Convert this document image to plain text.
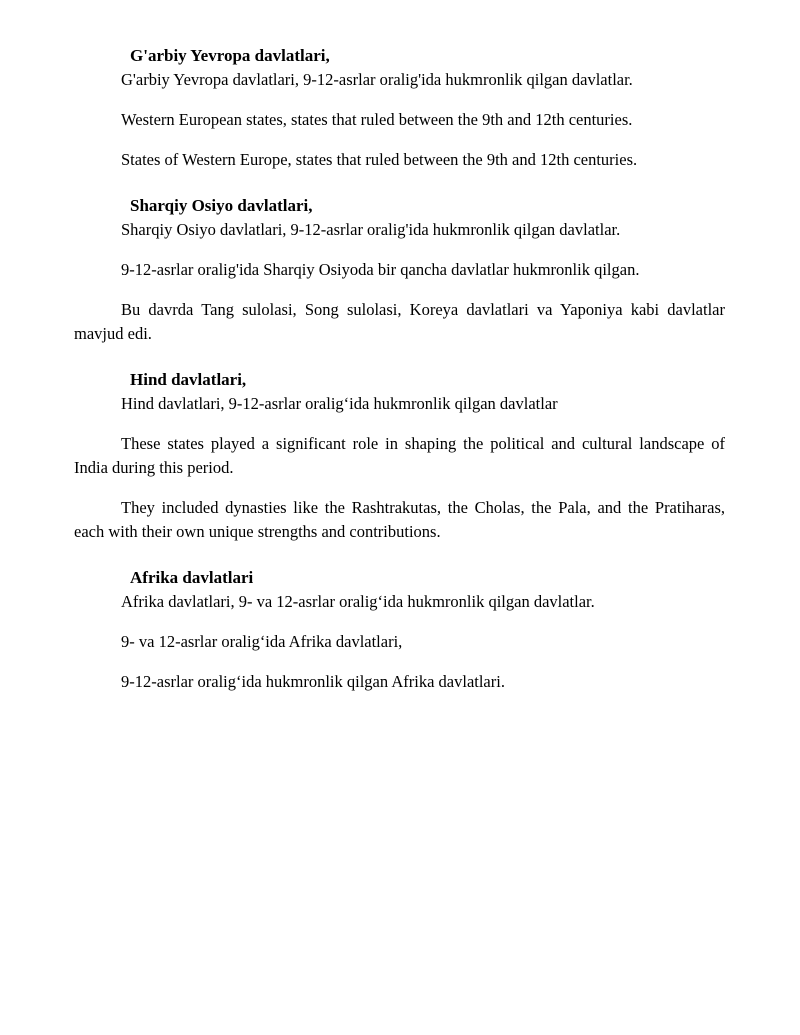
G'arbiy Yevropa davlatlari,

G'arbiy Yevropa davlatlari, 9-12-asrlar oralig'ida hukmronlik qilgan davlatlar.

Western European states, states that ruled between the 9th and 12th centuries.

States of Western Europe, states that ruled between the 9th and 12th centuries.

Sharqiy Osiyo davlatlari,

Sharqiy Osiyo davlatlari, 9-12-asrlar oralig'ida hukmronlik qilgan davlatlar.

9-12-asrlar oralig'ida Sharqiy Osiyoda bir qancha davlatlar hukmronlik qilgan.

Bu davrda Tang sulolasi, Song sulolasi, Koreya davlatlari va Yaponiya kabi davlatlar mavjud edi.

Hind davlatlari,

Hind davlatlari, 9-12-asrlar oralig‘ida hukmronlik qilgan davlatlar

These states played a significant role in shaping the political and cultural landscape of India during this period.

They included dynasties like the Rashtrakutas, the Cholas, the Pala, and the Pratiharas, each with their own unique strengths and contributions.

Afrika davlatlari

Afrika davlatlari, 9- va 12-asrlar oralig‘ida hukmronlik qilgan davlatlar.

9- va 12-asrlar oralig‘ida Afrika davlatlari,

9-12-asrlar oralig‘ida hukmronlik qilgan Afrika davlatlari.
